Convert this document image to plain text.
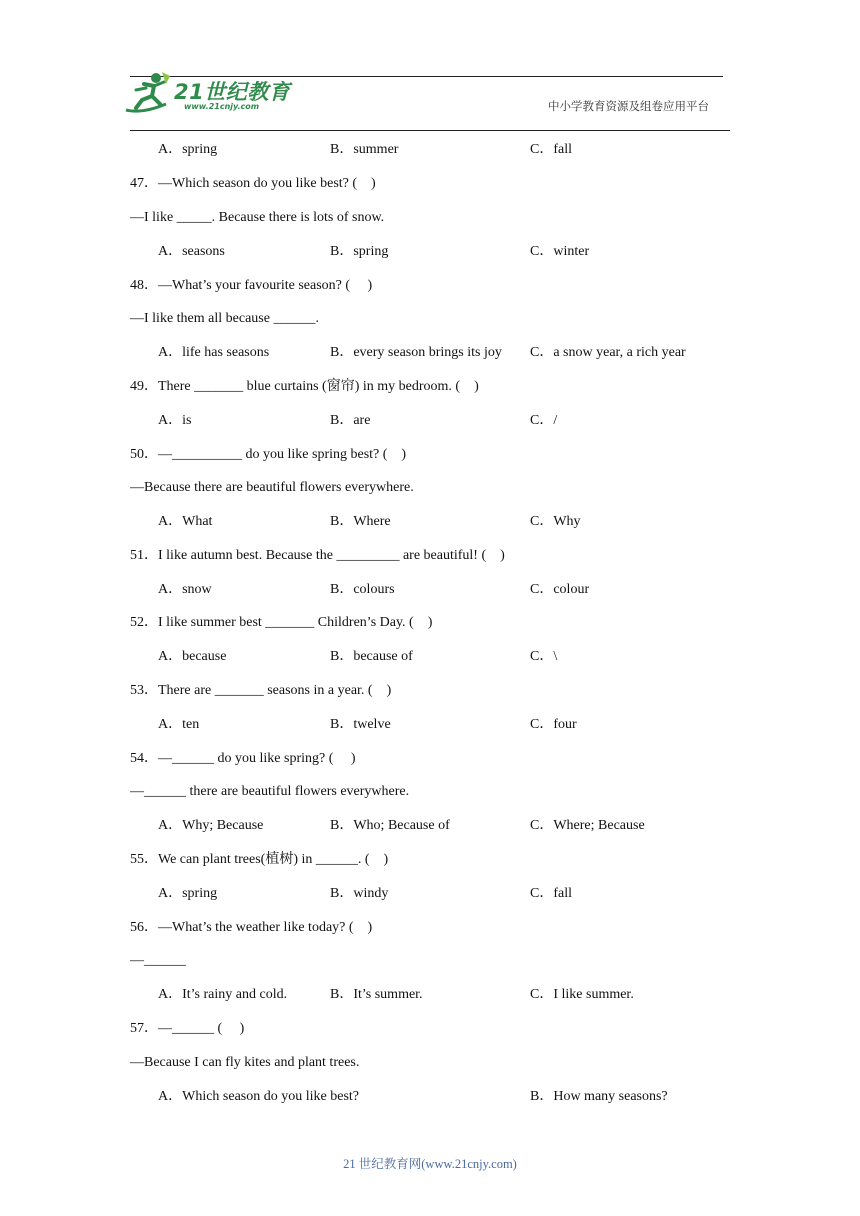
21世纪教育
www.21cnjy.com	中小学教育资源及组卷应用平台
A．spring	B．summer	C．fall
47．—Which season do you like best? (　)
—I like _____. Because there is lots of snow.
A．seasons	B．spring	C．winter
48．—What’s your favourite season? (　 )
—I like them all because ______.
A．life has seasons	B．every season brings its joy C．a snow year, a rich year
49．There _______ blue curtains (窗帘) in my bedroom. (　)
A．is	B．are	C．/
50．—__________ do you like spring best? (　)
—Because there are beautiful flowers everywhere.
A．What	B．Where	C．Why
51．I like autumn best. Because the _________ are beautiful! (　)
A．snow	B．colours	C．colour
52．I like summer best _______ Children’s Day. (　)
A．because	B．because of	C．\
53．There are _______ seasons in a year. (　)
A．ten	B．twelve	C．four
54．—______ do you like spring? (　 )
—______ there are beautiful flowers everywhere.
A．Why; Because	B．Who; Because of	C．Where; Because
55．We can plant trees(植树) in ______. (　)
A．spring	B．windy	C．fall
56．—What’s the weather like today? (　)
—______
A．It’s rainy and cold.	B．It’s summer.	C．I like summer.
57．—______ (　 )
—Because I can fly kites and plant trees.
A．Which season do you like best?	B．How many seasons?
21 世纪教育网(www.21cnjy.com)
